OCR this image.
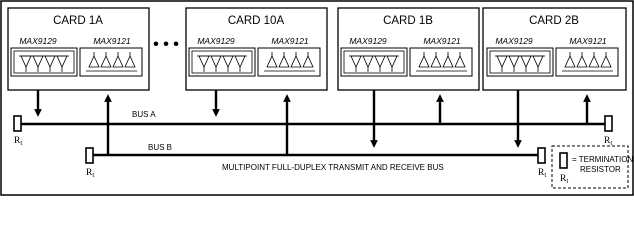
CARD 1A
MAX9129	MAX9121 • • •
CARD 10A
MAX9129	MAX9121
CARD 1B
MAX9129	MAX9121
CARD 2B
MAX9129	MAX9121
BUS A
$R_t$	$R_t$
BUS B
$R_t$	$R_t$
MULTIPOINT FULL-DUPLEX TRANSMIT AND RECEIVE BUS
$R_t$
= TERMINATION
RESISTOR
